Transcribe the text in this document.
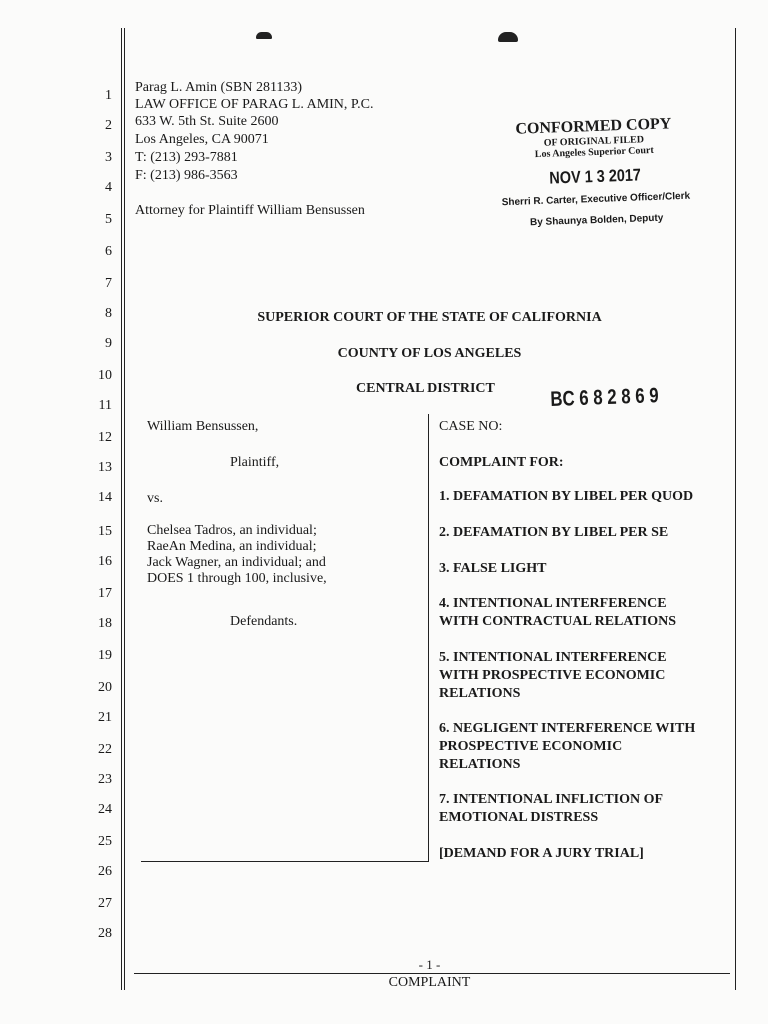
1
2
3
4
5
6
7
8
9
10
11
12
13
14
15
16
17
18
19
20
21
22
23
24
25
26
27
28
Parag L. Amin (SBN 281133)
LAW OFFICE OF PARAG L. AMIN, P.C.
633 W. 5th St. Suite 2600
Los Angeles, CA 90071
T: (213) 293-7881
F: (213) 986-3563
Attorney for Plaintiff William Bensussen
CONFORMED COPY
OF ORIGINAL FILED
Los Angeles Superior Court
NOV 1 3 2017
Sherri R. Carter, Executive Officer/Clerk
By Shaunya Bolden, Deputy
SUPERIOR COURT OF THE STATE OF CALIFORNIA
COUNTY OF LOS ANGELES
CENTRAL DISTRICT	BC 6 8 2 8 6 9
William Bensussen,
Plaintiff,
vs.
Chelsea Tadros, an individual;
RaeAn Medina, an individual;
Jack Wagner, an individual; and
DOES 1 through 100, inclusive,
Defendants.
CASE NO:
COMPLAINT FOR:
1. DEFAMATION BY LIBEL PER QUOD
2. DEFAMATION BY LIBEL PER SE
3. FALSE LIGHT
4. INTENTIONAL INTERFERENCE
WITH CONTRACTUAL RELATIONS
5. INTENTIONAL INTERFERENCE
WITH PROSPECTIVE ECONOMIC
RELATIONS
6. NEGLIGENT INTERFERENCE WITH
PROSPECTIVE ECONOMIC
RELATIONS
7. INTENTIONAL INFLICTION OF
EMOTIONAL DISTRESS
[DEMAND FOR A JURY TRIAL]
- 1 -
COMPLAINT
